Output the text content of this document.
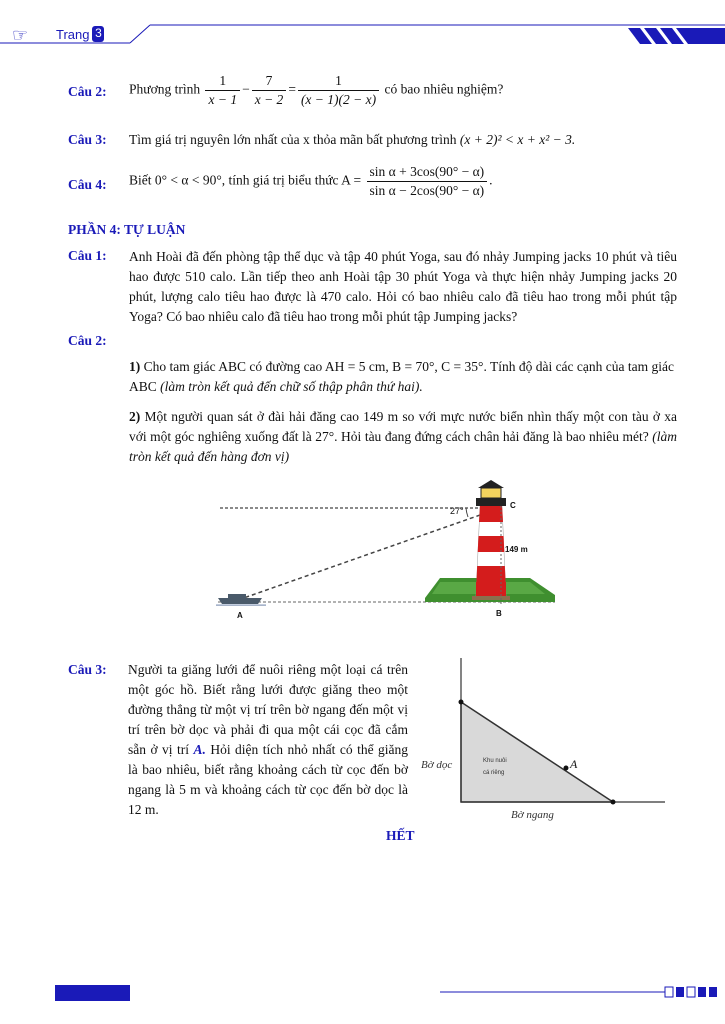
☞ Trang 3
Câu 2: Phương trình $\frac{1}{x - 1} - \frac{7}{x - 2} = \frac{1}{(x - 1)(2 - x)}$ có bao nhiêu nghiệm?
Câu 3: Tìm giá trị nguyên lớn nhất của x thỏa mãn bất phương trình (x + 2)² < x + x² − 3.
Câu 4: Biết 0° < α < 90°, tính giá trị biểu thức $A = \frac{\text{sin α + 3cos(90° − α)}}{\text{sin α − 2cos(90° − α)}}$ .
PHẦN 4: TỰ LUẬN
Câu 1: Anh Hoài đã đến phòng tập thể dục và tập 40 phút Yoga, sau đó nhảy Jumping jacks 10 phút và tiêu hao được 510 calo. Lần tiếp theo anh Hoài tập 30 phút Yoga và thực hiện nhảy Jumping jacks 20 phút, lượng calo tiêu hao được là 470 calo. Hỏi có bao nhiêu calo đã tiêu hao trong mỗi phút tập Yoga? Có bao nhiêu calo đã tiêu hao trong mỗi phút tập Jumping jacks?
Câu 2:
1) Cho tam giác ABC có đường cao AH = 5 cm, B = 70°, C = 35°. Tính độ dài các cạnh của tam giác ABC (làm tròn kết quả đến chữ số thập phân thứ hai).
2) Một người quan sát ở đài hải đăng cao 149 m so với mực nước biển nhìn thấy một con tàu ở xa với một góc nghiêng xuống đất là 27°. Hỏi tàu đang đứng cách chân hải đăng là bao nhiêu mét? (làm tròn kết quả đến hàng đơn vị)
27°
149 m
A	B
C
Câu 3: Người ta giăng lưới để nuôi riêng một loại cá trên một góc hồ. Biết rằng lưới được giăng theo một đường thẳng từ một vị trí trên bờ ngang đến một vị trí trên bờ dọc và phải đi qua một cái cọc đã cắm sẵn ở vị trí A. Hỏi diện tích nhỏ nhất có thể giăng là bao nhiêu, biết rằng khoảng cách từ cọc đến bờ ngang là 5 m và khoảng cách từ cọc đến bờ dọc là 12 m.
Bờ dọc
Bờ ngang
Khu nuôi
cá riêng
A
HẾT
